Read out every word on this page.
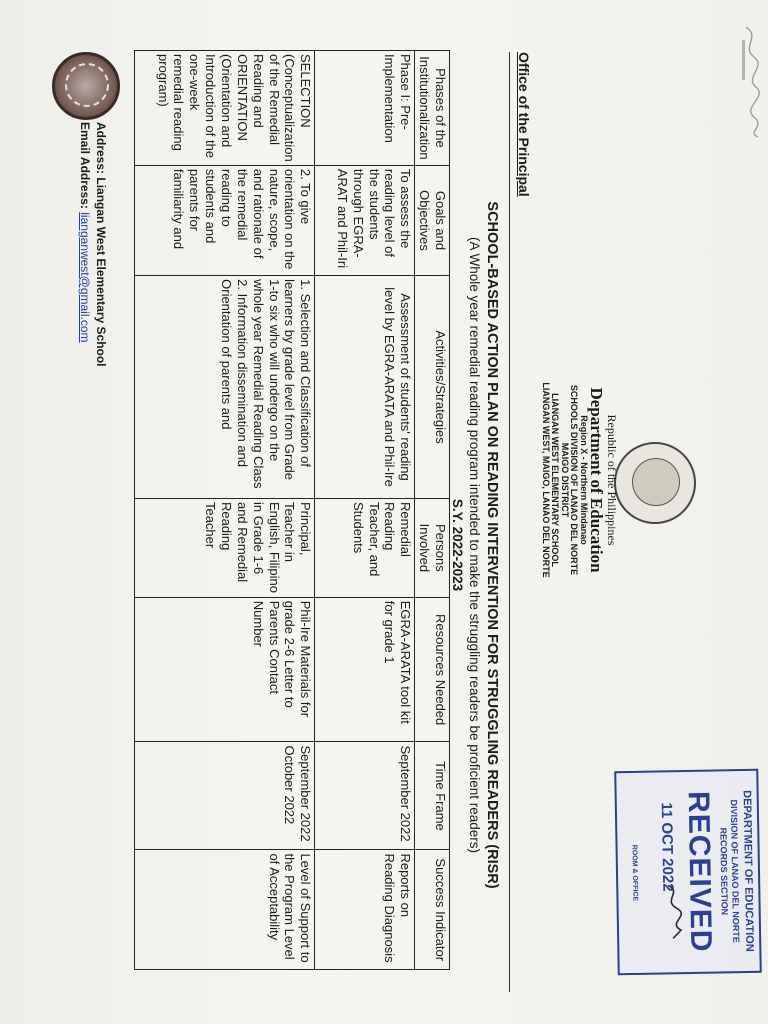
DEPARTMENT OF EDUCATION
DIVISION OF LANAO DEL NORTE
RECORDS SECTION
RECEIVED
11 OCT 2022
ROOM & OFFICE
Republic of the Philippines
Department of Education
Region X - Northern Mindanao
SCHOOLS DIVISION OF LANAO DEL NORTE
MAIGO DISTRICT
LIANGAN WEST ELEMENTARY SCHOOL
LIANGAN WEST, MAIGO, LANAO DEL NORTE
Office of the Principal
SCHOOL-BASED ACTION PLAN ON READING INTERVENTION FOR STRUGGLING READERS (RISR)
(A Whole year remedial reading program intended to make the struggling readers be proficient readers)
S.Y. 2022-2023
Phases of the Institutionalization	Goals and Objectives	Activities/Strategies	Persons Involved	Resources Needed	Time Frame	Success Indicator
Phase I: Pre-Implementation	To assess the reading level of the students through EGRA-ARAT and Phil-Iri	Assessment of students' reading level by EGRA-ARATA and Phil-Ire	Remedial Reading Teacher, and Students	EGRA-ARATA tool kit for grade 1	September 2022	Reports on Reading Diagnosis
SELECTION (Conceptualization of the Remedial Reading and ORIENTATION (Orientation and Introduction of the one-week remedial reading program)	2. To give orientation on the nature, scope, and rationale of the remedial reading to students and parents for familiarity and	1. Selection and Classification of learners by grade level from Grade 1-to six who will undergo on the whole year Remedial Reading Class 2. Information dissemination and Orientation of parents and	Principal, Teacher in English, Filipino in Grade 1-6 and Remedial Reading Teacher	Phil-Ire Materials for grade 2-6 Letter to Parents Contact Number	September 2022 October 2022	Level of Support to the Program Level of Acceptability
Address: Liangan West Elementary School
Email Address: lianganwest@gmail.com
